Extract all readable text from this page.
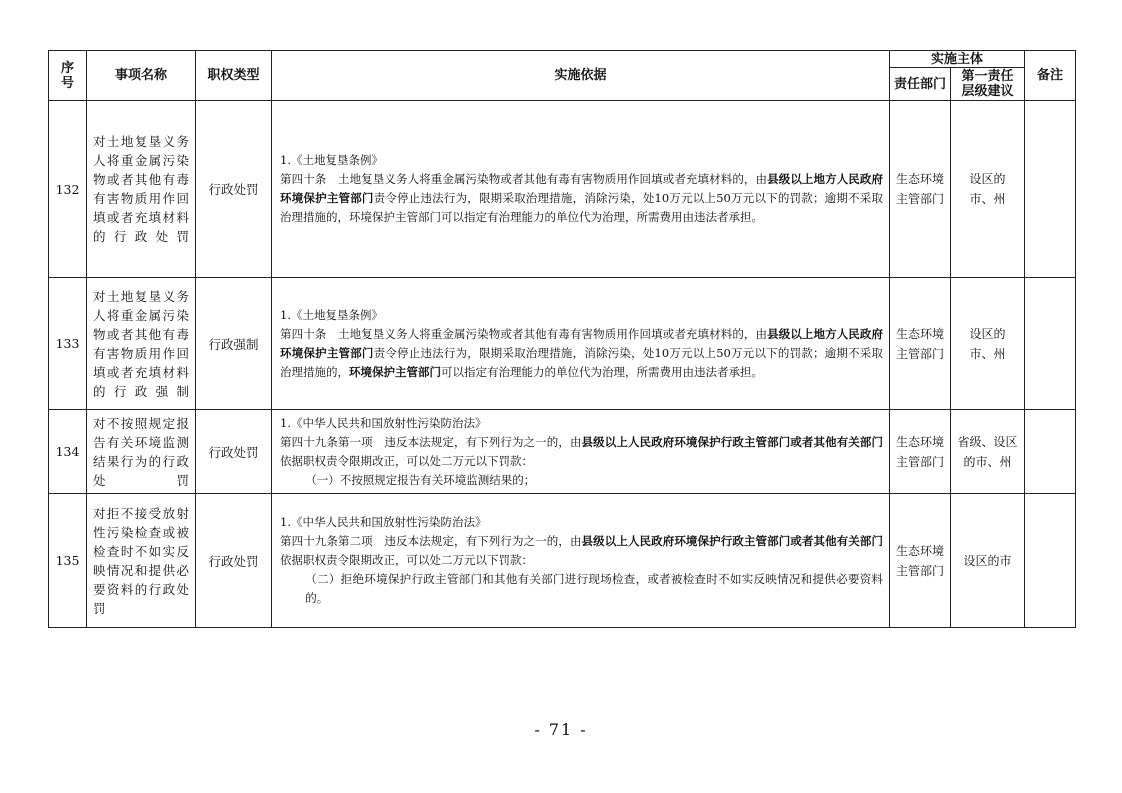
序号	事项名称	职权类型	实施依据	实施主体		备注
				责任部门	第一责任层级建议	
132	对土地复垦义务人将重金属污染物或者其他有毒有害物质用作回填或者充填材料的行政处罚	行政处罚	1.《土地复垦条例》
第四十条　土地复垦义务人将重金属污染物或者其他有毒有害物质用作回填或者充填材料的，由县级以上地方人民政府环境保护主管部门责令停止违法行为，限期采取治理措施，消除污染，处10万元以上50万元以下的罚款；逾期不采取治理措施的，环境保护主管部门可以指定有治理能力的单位代为治理，所需费用由违法者承担。	生态环境主管部门	设区的市、州	
133	对土地复垦义务人将重金属污染物或者其他有毒有害物质用作回填或者充填材料的行政强制	行政强制	1.《土地复垦条例》
第四十条　土地复垦义务人将重金属污染物或者其他有毒有害物质用作回填或者充填材料的，由县级以上地方人民政府环境保护主管部门责令停止违法行为，限期采取治理措施，消除污染，处10万元以上50万元以下的罚款；逾期不采取治理措施的，环境保护主管部门可以指定有治理能力的单位代为治理，所需费用由违法者承担。	生态环境主管部门	设区的市、州	
134	对不按照规定报告有关环境监测结果行为的行政处罚	行政处罚	1.《中华人民共和国放射性污染防治法》
第四十九条第一项　违反本法规定，有下列行为之一的，由县级以上人民政府环境保护行政主管部门或者其他有关部门依据职权责令限期改正，可以处二万元以下罚款：
（一）不按照规定报告有关环境监测结果的；	生态环境主管部门	省级、设区的市、州	
135	对拒不接受放射性污染检查或被检查时不如实反映情况和提供必要资料的行政处罚	行政处罚	1.《中华人民共和国放射性污染防治法》
第四十九条第二项　违反本法规定，有下列行为之一的，由县级以上人民政府环境保护行政主管部门或者其他有关部门依据职权责令限期改正，可以处二万元以下罚款：
（二）拒绝环境保护行政主管部门和其他有关部门进行现场检查，或者被检查时不如实反映情况和提供必要资料的。	生态环境主管部门	设区的市	
- 71 -
